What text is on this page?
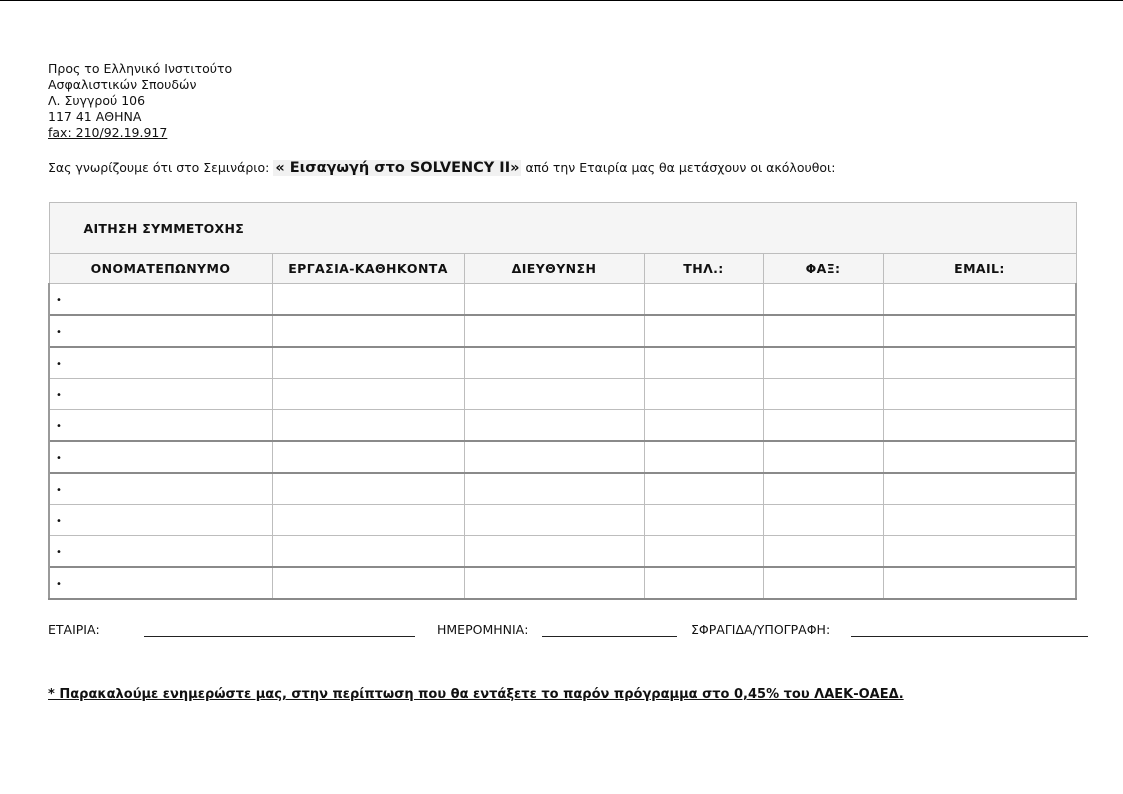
Προς το Ελληνικό Ινστιτούτο
Ασφαλιστικών Σπουδών
Λ. Συγγρού 106
117 41 ΑΘΗΝΑ
fax: 210/92.19.917
Σας γνωρίζουμε ότι στο Σεμινάριο: « Εισαγωγή στο SOLVENCY II» από την Εταιρία μας θα μετάσχουν οι ακόλουθοι:
ΑΙΤΗΣΗ ΣΥΜΜΕΤΟΧΗΣ					
ΟΝΟΜΑΤΕΠΩΝΥΜΟ	ΕΡΓΑΣΙΑ-ΚΑΘΗΚΟΝΤΑ	ΔΙΕΥΘΥΝΣΗ	ΤΗΛ.:	ΦΑΞ:	EMAIL:
•					
•					
•					
•					
•					
•					
•					
•					
•					
•					
ΕΤΑΙΡΙΑ:	ΗΜΕΡΟΜΗΝΙΑ:	ΣΦΡΑΓΙΔΑ/ΥΠΟΓΡΑΦΗ:
* Παρακαλούμε ενημερώστε μας, στην περίπτωση που θα εντάξετε το παρόν πρόγραμμα στο 0,45% του ΛΑΕΚ-ΟΑΕΔ.
